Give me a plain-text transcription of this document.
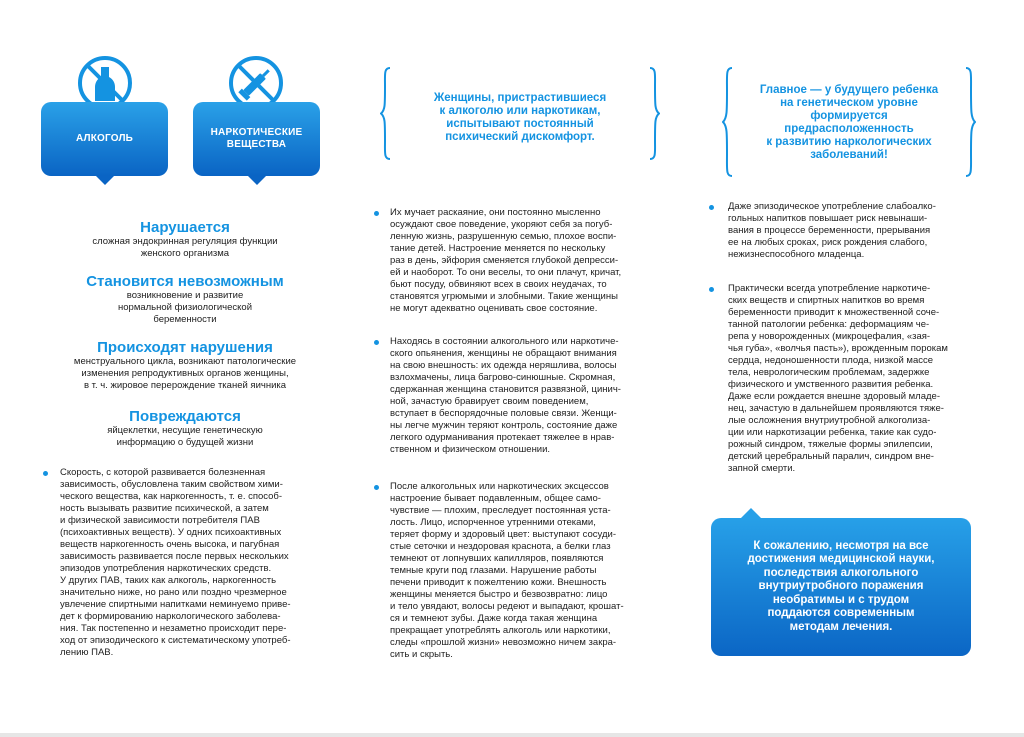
АЛКОГОЛЬ
НАРКОТИЧЕСКИЕ
ВЕЩЕСТВА
Нарушается
сложная эндокринная регуляция функции
женского организма
Становится невозможным
возникновение и развитие
нормальной физиологической
беременности
Происходят нарушения
менструального цикла, возникают патологические
изменения репродуктивных органов женщины,
в т. ч. жировое перерождение тканей яичника
Повреждаются
яйцеклетки, несущие генетическую
информацию о будущей жизни
Скорость, с которой развивается болезненная
зависимость, обусловлена таким свойством хими-
ческого вещества, как наркогенность, т. е. способ-
ность вызывать развитие психической, а затем
и физической зависимости потребителя ПАВ
(психоактивных веществ). У одних психоактивных
веществ наркогенность очень высока, и пагубная
зависимость развивается после первых нескольких
эпизодов употребления наркотических средств.
У других ПАВ, таких как алкоголь, наркогенность
значительно ниже, но рано или поздно чрезмерное
увлечение спиртными напитками неминуемо приве-
дет к формированию наркологического заболева-
ния. Так постепенно и незаметно происходит пере-
ход от эпизодического к систематическому употреб-
лению ПАВ.
Женщины, пристрастившиеся
к алкоголю или наркотикам,
испытывают постоянный
психический дискомфорт.
Их мучает раскаяние, они постоянно мысленно
осуждают свое поведение, укоряют себя за погуб-
ленную жизнь, разрушенную семью, плохое воспи-
тание детей. Настроение меняется по нескольку
раз в день, эйфория сменяется глубокой депресси-
ей и наоборот. То они веселы, то они плачут, кричат,
бьют посуду, обвиняют всех в своих неудачах, то
становятся угрюмыми и злобными. Такие женщины
не могут адекватно оценивать свое состояние.
Находясь в состоянии алкогольного или наркотиче-
ского опьянения, женщины не обращают внимания
на свою внешность: их одежда неряшлива, волосы
взлохмачены, лица багрово-синюшные. Скромная,
сдержанная женщина становится развязной, цинич-
ной, зачастую бравирует своим поведением,
вступает в беспорядочные половые связи. Женщи-
ны легче мужчин теряют контроль, состояние даже
легкого одурманивания протекает тяжелее в нрав-
ственном и физическом отношении.
После алкогольных или наркотических эксцессов
настроение бывает подавленным, общее само-
чувствие — плохим, преследует постоянная уста-
лость. Лицо, испорченное утренними отеками,
теряет форму и здоровый цвет: выступают сосуди-
стые сеточки и нездоровая краснота, а белки глаз
темнеют от лопнувших капилляров, появляются
темные круги под глазами. Нарушение работы
печени приводит к пожелтению кожи. Внешность
женщины меняется быстро и безвозвратно: лицо
и тело увядают, волосы редеют и выпадают, крошат-
ся и темнеют зубы. Даже когда такая женщина
прекращает употреблять алкоголь или наркотики,
следы «прошлой жизни» невозможно ничем закра-
сить и скрыть.
Главное — у будущего ребенка
на генетическом уровне
формируется
предрасположенность
к развитию наркологических
заболеваний!
Даже эпизодическое употребление слабоалко-
гольных напитков повышает риск невынаши-
вания в процессе беременности, прерывания
ее на любых сроках, риск рождения слабого,
нежизнеспособного младенца.
Практически всегда употребление наркотиче-
ских веществ и спиртных напитков во время
беременности приводит к множественной соче-
танной патологии ребенка: деформациям че-
репа у новорожденных (микроцефалия, «зая-
чья губа», «волчья пасть»), врожденным порокам
сердца, недоношенности плода, низкой массе
тела, неврологическим проблемам, задержке
физического и умственного развития ребенка.
Даже если рождается внешне здоровый младе-
нец, зачастую в дальнейшем проявляются тяже-
лые осложнения внутриутробной алкоголиза-
ции или наркотизации ребенка, такие как судо-
рожный синдром, тяжелые формы эпилепсии,
детский церебральный паралич, синдром вне-
запной смерти.
К сожалению, несмотря на все
достижения медицинской науки,
последствия алкогольного
внутриутробного поражения
необратимы и с трудом
поддаются современным
методам лечения.
